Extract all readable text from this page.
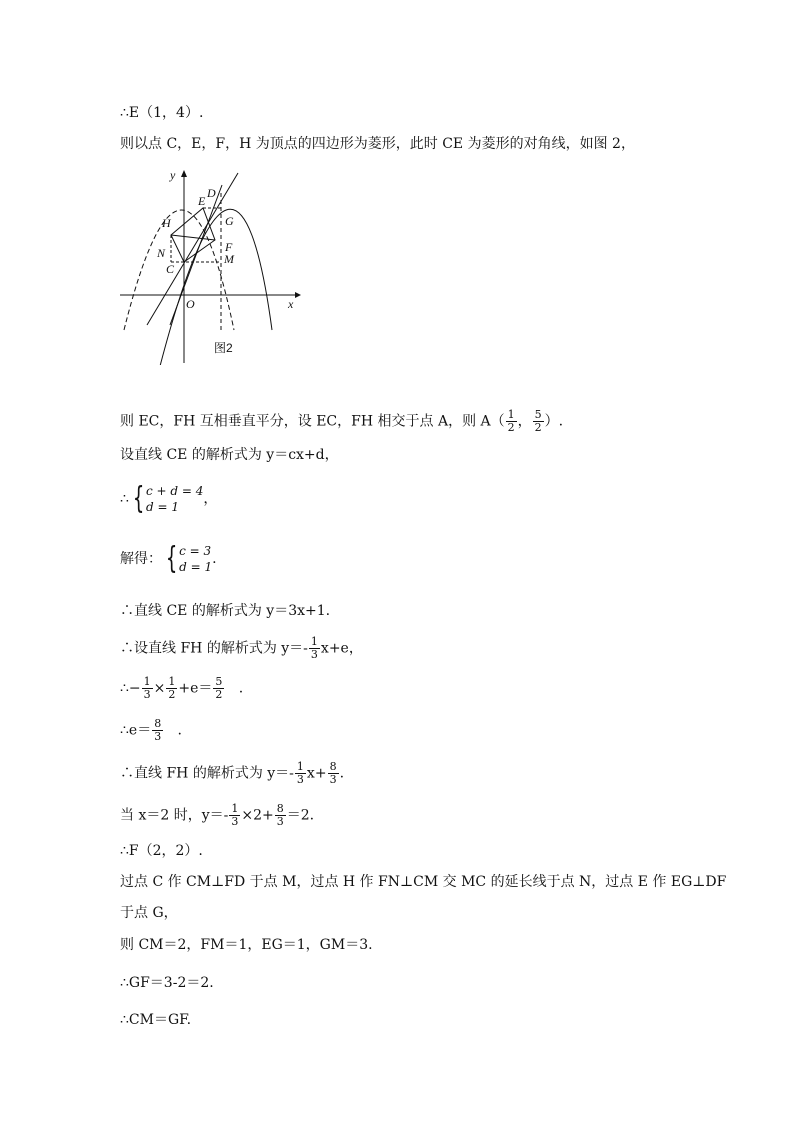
∴E（1，4）.
则以点 C，E，F，H 为顶点的四边形为菱形，此时 CE 为菱形的对角线，如图 2，
y
x
O
D
E
G
H
F
N	M
C
图2
则 EC，FH 互相垂直平分，设 EC，FH 相交于点 A，则 $A( \frac{1}{2}$ ， $\frac{5}{2}$ ）.
设直线 CE 的解析式为 y＝cx+d，
∴ { c + d = 4
d = 1	，
解得： { c = 3
d = 1 .
∴直线 CE 的解析式为 y＝3x+1.
∴设直线 FH 的解析式为 $y=- \frac{1}{3} x+e$，
∴− $\frac{1}{3} \times \frac{1}{2} +e= \frac{5}{2}$ .
∴e＝ $\frac{8}{3}$ .
∴直线 FH 的解析式为 $y=- \frac{1}{3} x+ \frac{8}{3}$ .
当 x＝2 时，$y=- \frac{1}{3} \times 2+ \frac{8}{3} =2$.
∴F（2，2）.
过点 C 作 CM⊥FD 于点 M，过点 H 作 FN⊥CM 交 MC 的延长线于点 N，过点 E 作 EG⊥DF
于点 G，
则 CM＝2，FM＝1，EG＝1，GM＝3.
∴GF＝3-2＝2.
∴CM＝GF.
